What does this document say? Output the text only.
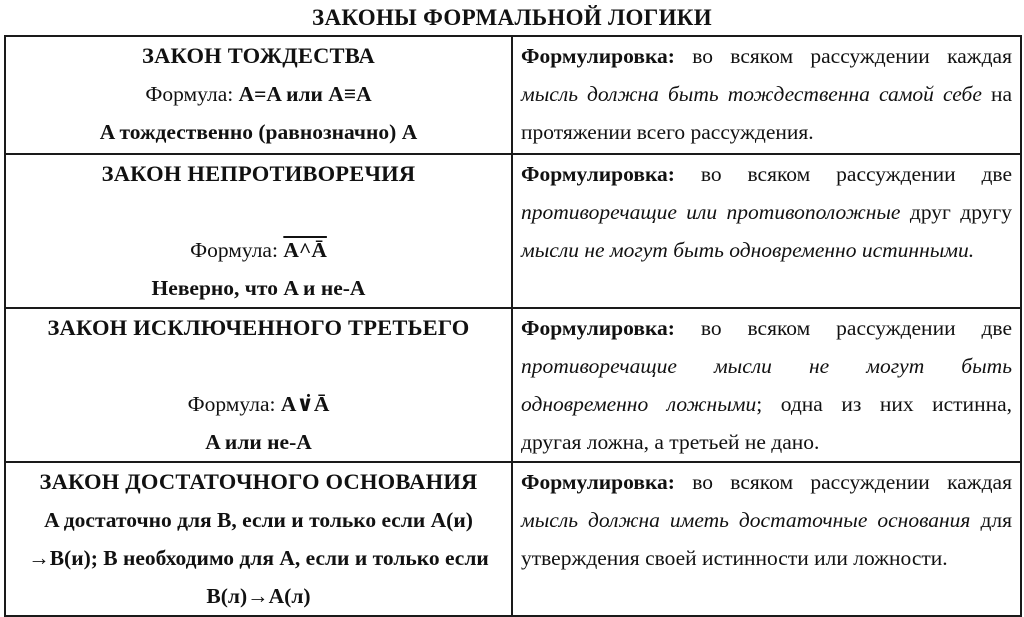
ЗАКОНЫ ФОРМАЛЬНОЙ ЛОГИКИ
ЗАКОН ТОЖДЕСТВА
Формула: A=A или A≡A
A тождественно (равнозначно) A	Формулировка: во всяком рассуждении каждая мысль должна быть тождественна самой себе на протяжении всего рассуждения.

ЗАКОН НЕПРОТИВОРЕЧИЯ
Формула: A^Ā
Неверно, что A и не-A	Формулировка: во всяком рассуждении две противоречащие или противоположные друг другу мысли не могут быть одновременно истинными.

ЗАКОН ИСКЛЮЧЕННОГО ТРЕТЬЕГО
Формула: A∨̇Ā
A или не-A	Формулировка: во всяком рассуждении две противоречащие мысли не могут быть одновременно ложными; одна из них истинна, другая ложна, а третьей не дано.

ЗАКОН ДОСТАТОЧНОГО ОСНОВАНИЯ
A достаточно для B, если и только если A(и) →B(и); B необходимо для A, если и только если B(л)→A(л)	Формулировка: во всяком рассуждении каждая мысль должна иметь достаточные основания для утверждения своей истинности или ложности.
